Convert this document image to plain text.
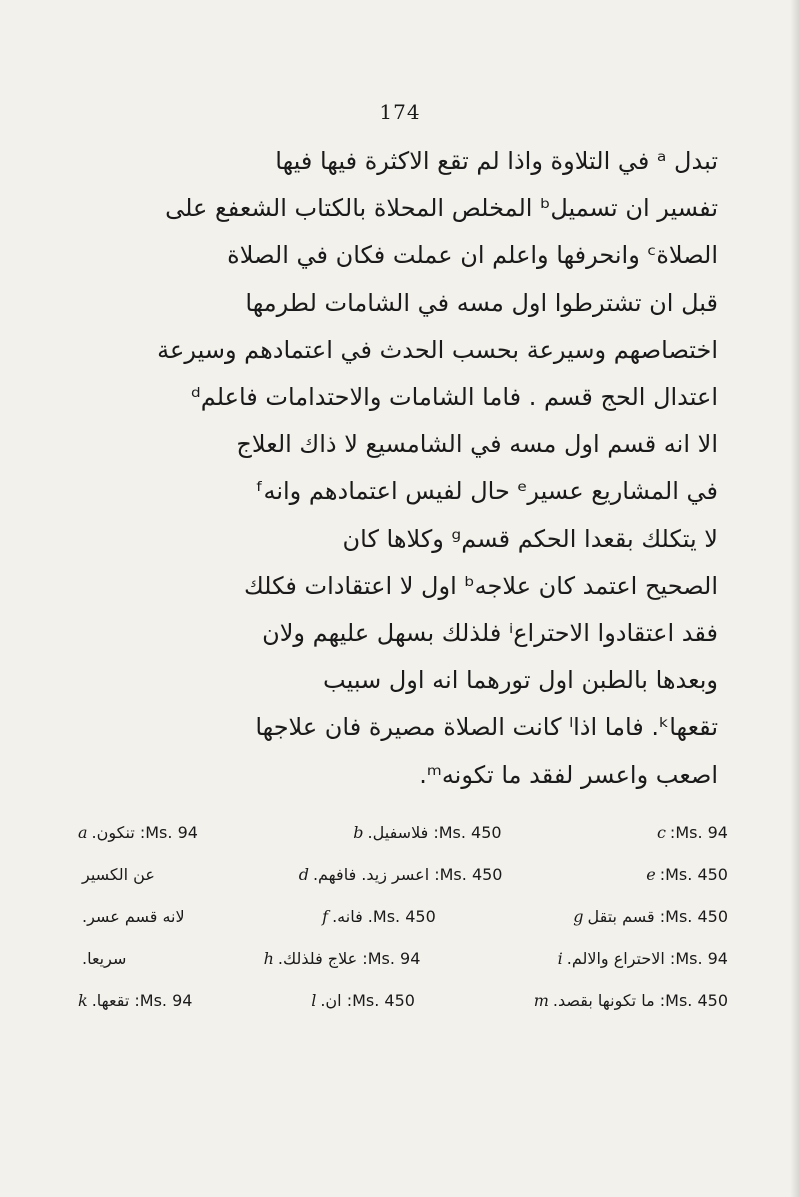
174
تبدل ᵃ في التلاوة واذا لم تقع الاكثرة فيها فيها
تفسير ان تسميلᵇ المخلص المحلاة بالكتاب الشعفع على
الصلاةᶜ وانحرفها واعلم ان عملت فكان في الصلاة
قبل ان تشترطوا اول مسه في الشامات لطرمها
اختصاصهم وسيرعة بحسب الحدث في اعتمادهم وسيرعة
اعتدال الحج قسم . فاما الشامات والاحتدامات فاعلمᵈ
الا انه قسم اول مسه في الشامسيع لا ذاك العلاج
في المشاريع عسيرᵉ حال لفيس اعتمادهم وانهᶠ
لا يتكلك بقعدا الحكم قسمᵍ وكلاها كان
الصحيح اعتمد كان علاجهᵇ اول لا اعتقادات فكلك
فقد اعتقادوا الاحتراعⁱ فلذلك بسهل عليهم ولان
وبعدها بالطبن اول تورهما انه اول سبيب
تقعهاᵏ. فاما اذاˡ كانت الصلاة مصيرة فان علاجها
اصعب واعسر لفقد ما تكونهᵐ.
a Ms. 94: تنكون.	b Ms. 450: فلاسفيل.	c Ms. 94:
عن الكسير	d Ms. 450: اعسر زيد. فافهم.	e Ms. 450:
لانه قسم عسر.	f Ms. 450. فانه.	g Ms. 450: قسم بتقل
سريعا.	h Ms. 94: علاج فلذلك.	i Ms. 94: الاحتراع والالم.
k Ms. 94: تقعها.	l Ms. 450: ان.	m Ms. 450: ما تكونها بقصد.
